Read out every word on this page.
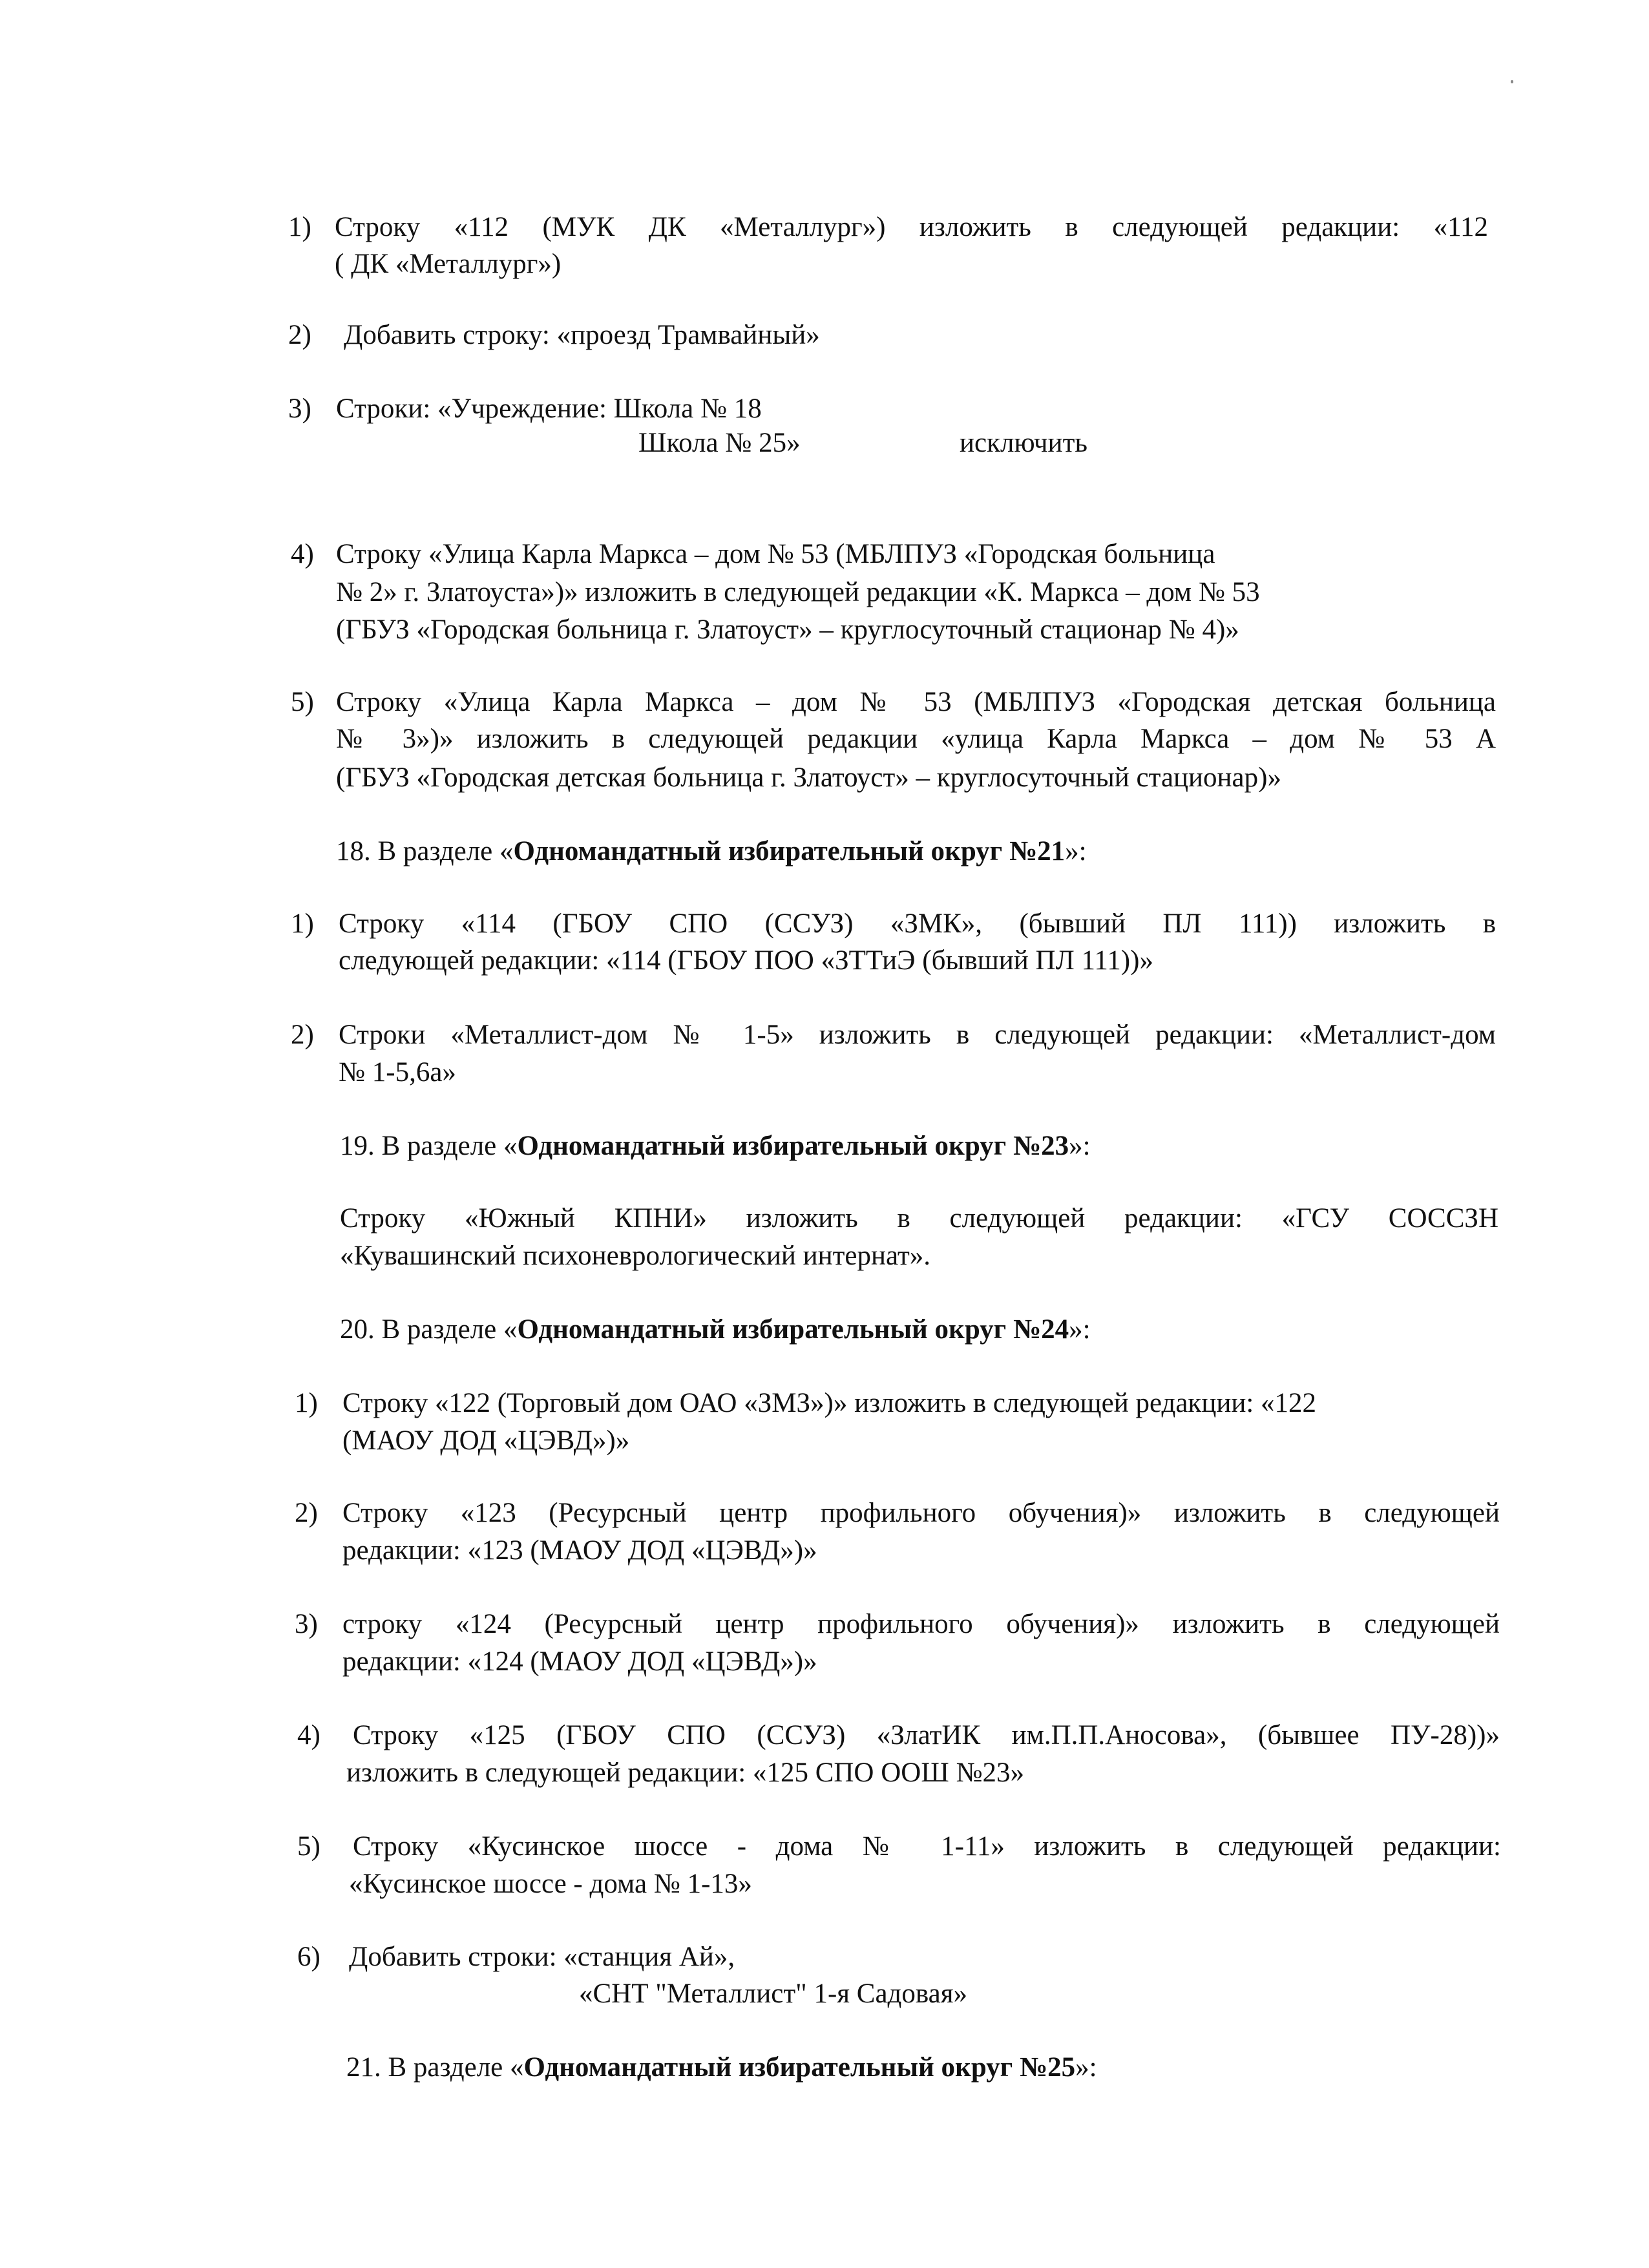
1) Строку «112 (МУК ДК «Металлург») изложить в следующей редакции: «112
( ДК «Металлург»)
2) Добавить строку: «проезд Трамвайный»
3) Строки: «Учреждение: Школа № 18
Школа № 25»	исключить
4) Строку «Улица Карла Маркса – дом № 53 (МБЛПУЗ «Городская больница
№ 2» г. Златоуста»)» изложить в следующей редакции «К. Маркса – дом № 53
(ГБУЗ «Городская больница г. Златоуст» – круглосуточный стационар № 4)»
5) Строку «Улица Карла Маркса – дом № 53 (МБЛПУЗ «Городская детская больница
№ 3»)» изложить в следующей редакции «улица Карла Маркса – дом № 53 А
(ГБУЗ «Городская детская больница г. Златоуст» – круглосуточный стационар)»
18. В разделе «Одномандатный избирательный округ №21»:
1) Строку «114 (ГБОУ СПО (ССУЗ) «ЗМК», (бывший ПЛ 111)) изложить в
следующей редакции: «114 (ГБОУ ПОО «ЗТТиЭ (бывший ПЛ 111))»
2) Строки «Металлист-дом № 1-5» изложить в следующей редакции: «Металлист-дом
№ 1-5,6а»
19. В разделе «Одномандатный избирательный округ №23»:
Строку «Южный КПНИ» изложить в следующей редакции: «ГСУ СОССЗН
«Кувашинский психоневрологический интернат».
20. В разделе «Одномандатный избирательный округ №24»:
1) Строку «122 (Торговый дом ОАО «ЗМЗ»)» изложить в следующей редакции: «122
(МАОУ ДОД «ЦЭВД»)»
2) Строку «123 (Ресурсный центр профильного обучения)» изложить в следующей
редакции: «123 (МАОУ ДОД «ЦЭВД»)»
3) строку «124 (Ресурсный центр профильного обучения)» изложить в следующей
редакции: «124 (МАОУ ДОД «ЦЭВД»)»
4) Строку «125 (ГБОУ СПО (ССУЗ) «ЗлатИК им.П.П.Аносова», (бывшее ПУ-28))»
изложить в следующей редакции: «125 СПО ООШ №23»
5) Строку «Кусинское шоссе - дома № 1-11» изложить в следующей редакции:
«Кусинское шоссе - дома № 1-13»
6) Добавить строки: «станция Ай»,
«СНТ "Металлист" 1-я Садовая»
21. В разделе «Одномандатный избирательный округ №25»:
